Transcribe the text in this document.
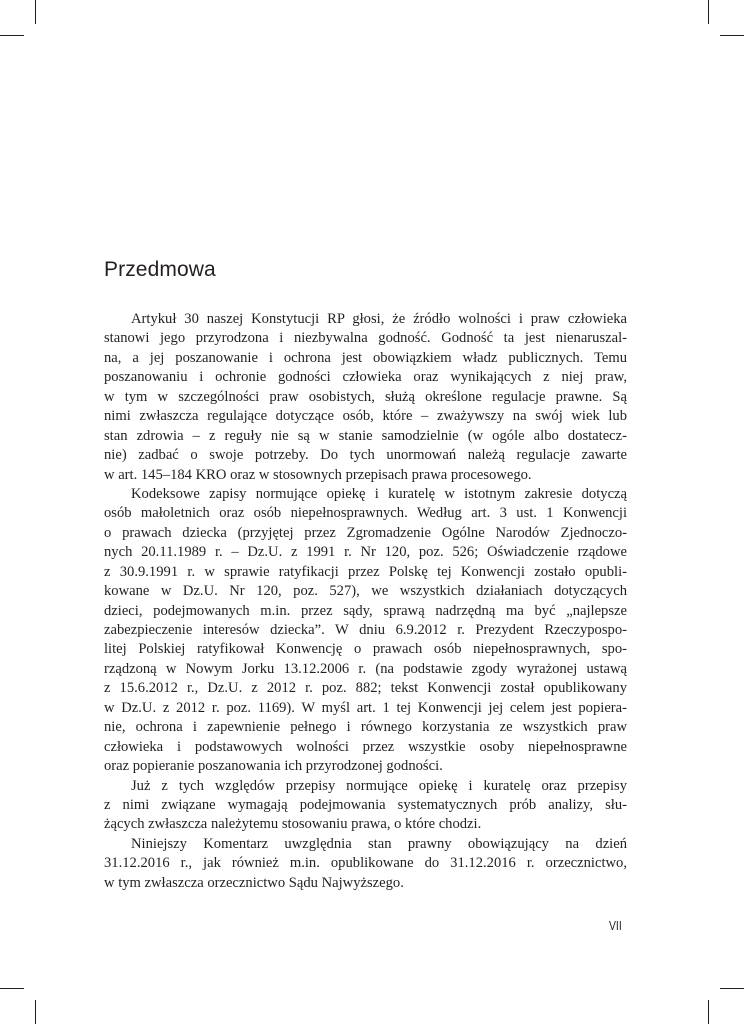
Przedmowa
Artykuł 30 naszej Konstytucji RP głosi, że źródło wolności i praw człowieka
stanowi jego przyrodzona i niezbywalna godność. Godność ta jest nienaruszal-
na, a jej poszanowanie i ochrona jest obowiązkiem władz publicznych. Temu
poszanowaniu i ochronie godności człowieka oraz wynikających z niej praw,
w tym w szczególności praw osobistych, służą określone regulacje prawne. Są
nimi zwłaszcza regulające dotyczące osób, które – zważywszy na swój wiek lub
stan zdrowia – z reguły nie są w stanie samodzielnie (w ogóle albo dostatecz-
nie) zadbać o swoje potrzeby. Do tych unormowań należą regulacje zawarte
w art. 145–184 KRO oraz w stosownych przepisach prawa procesowego.
Kodeksowe zapisy normujące opiekę i kuratelę w istotnym zakresie dotyczą
osób małoletnich oraz osób niepełnosprawnych. Według art. 3 ust. 1 Konwencji
o prawach dziecka (przyjętej przez Zgromadzenie Ogólne Narodów Zjednoczo-
nych 20.11.1989 r. – Dz.U. z 1991 r. Nr 120, poz. 526; Oświadczenie rządowe
z 30.9.1991 r. w sprawie ratyfikacji przez Polskę tej Konwencji zostało opubli-
kowane w Dz.U. Nr 120, poz. 527), we wszystkich działaniach dotyczących
dzieci, podejmowanych m.in. przez sądy, sprawą nadrzędną ma być „najlepsze
zabezpieczenie interesów dziecka”. W dniu 6.9.2012 r. Prezydent Rzeczypospo-
litej Polskiej ratyfikował Konwencję o prawach osób niepełnosprawnych, spo-
rządzoną w Nowym Jorku 13.12.2006 r. (na podstawie zgody wyrażonej ustawą
z 15.6.2012 r., Dz.U. z 2012 r. poz. 882; tekst Konwencji został opublikowany
w Dz.U. z 2012 r. poz. 1169). W myśl art. 1 tej Konwencji jej celem jest popiera-
nie, ochrona i zapewnienie pełnego i równego korzystania ze wszystkich praw
człowieka i podstawowych wolności przez wszystkie osoby niepełnosprawne
oraz popieranie poszanowania ich przyrodzonej godności.
Już z tych względów przepisy normujące opiekę i kuratelę oraz przepisy
z nimi związane wymagają podejmowania systematycznych prób analizy, słu-
żących zwłaszcza należytemu stosowaniu prawa, o które chodzi.
Niniejszy Komentarz uwzględnia stan prawny obowiązujący na dzień
31.12.2016 r., jak również m.in. opublikowane do 31.12.2016 r. orzecznictwo,
w tym zwłaszcza orzecznictwo Sądu Najwyższego.
VII
